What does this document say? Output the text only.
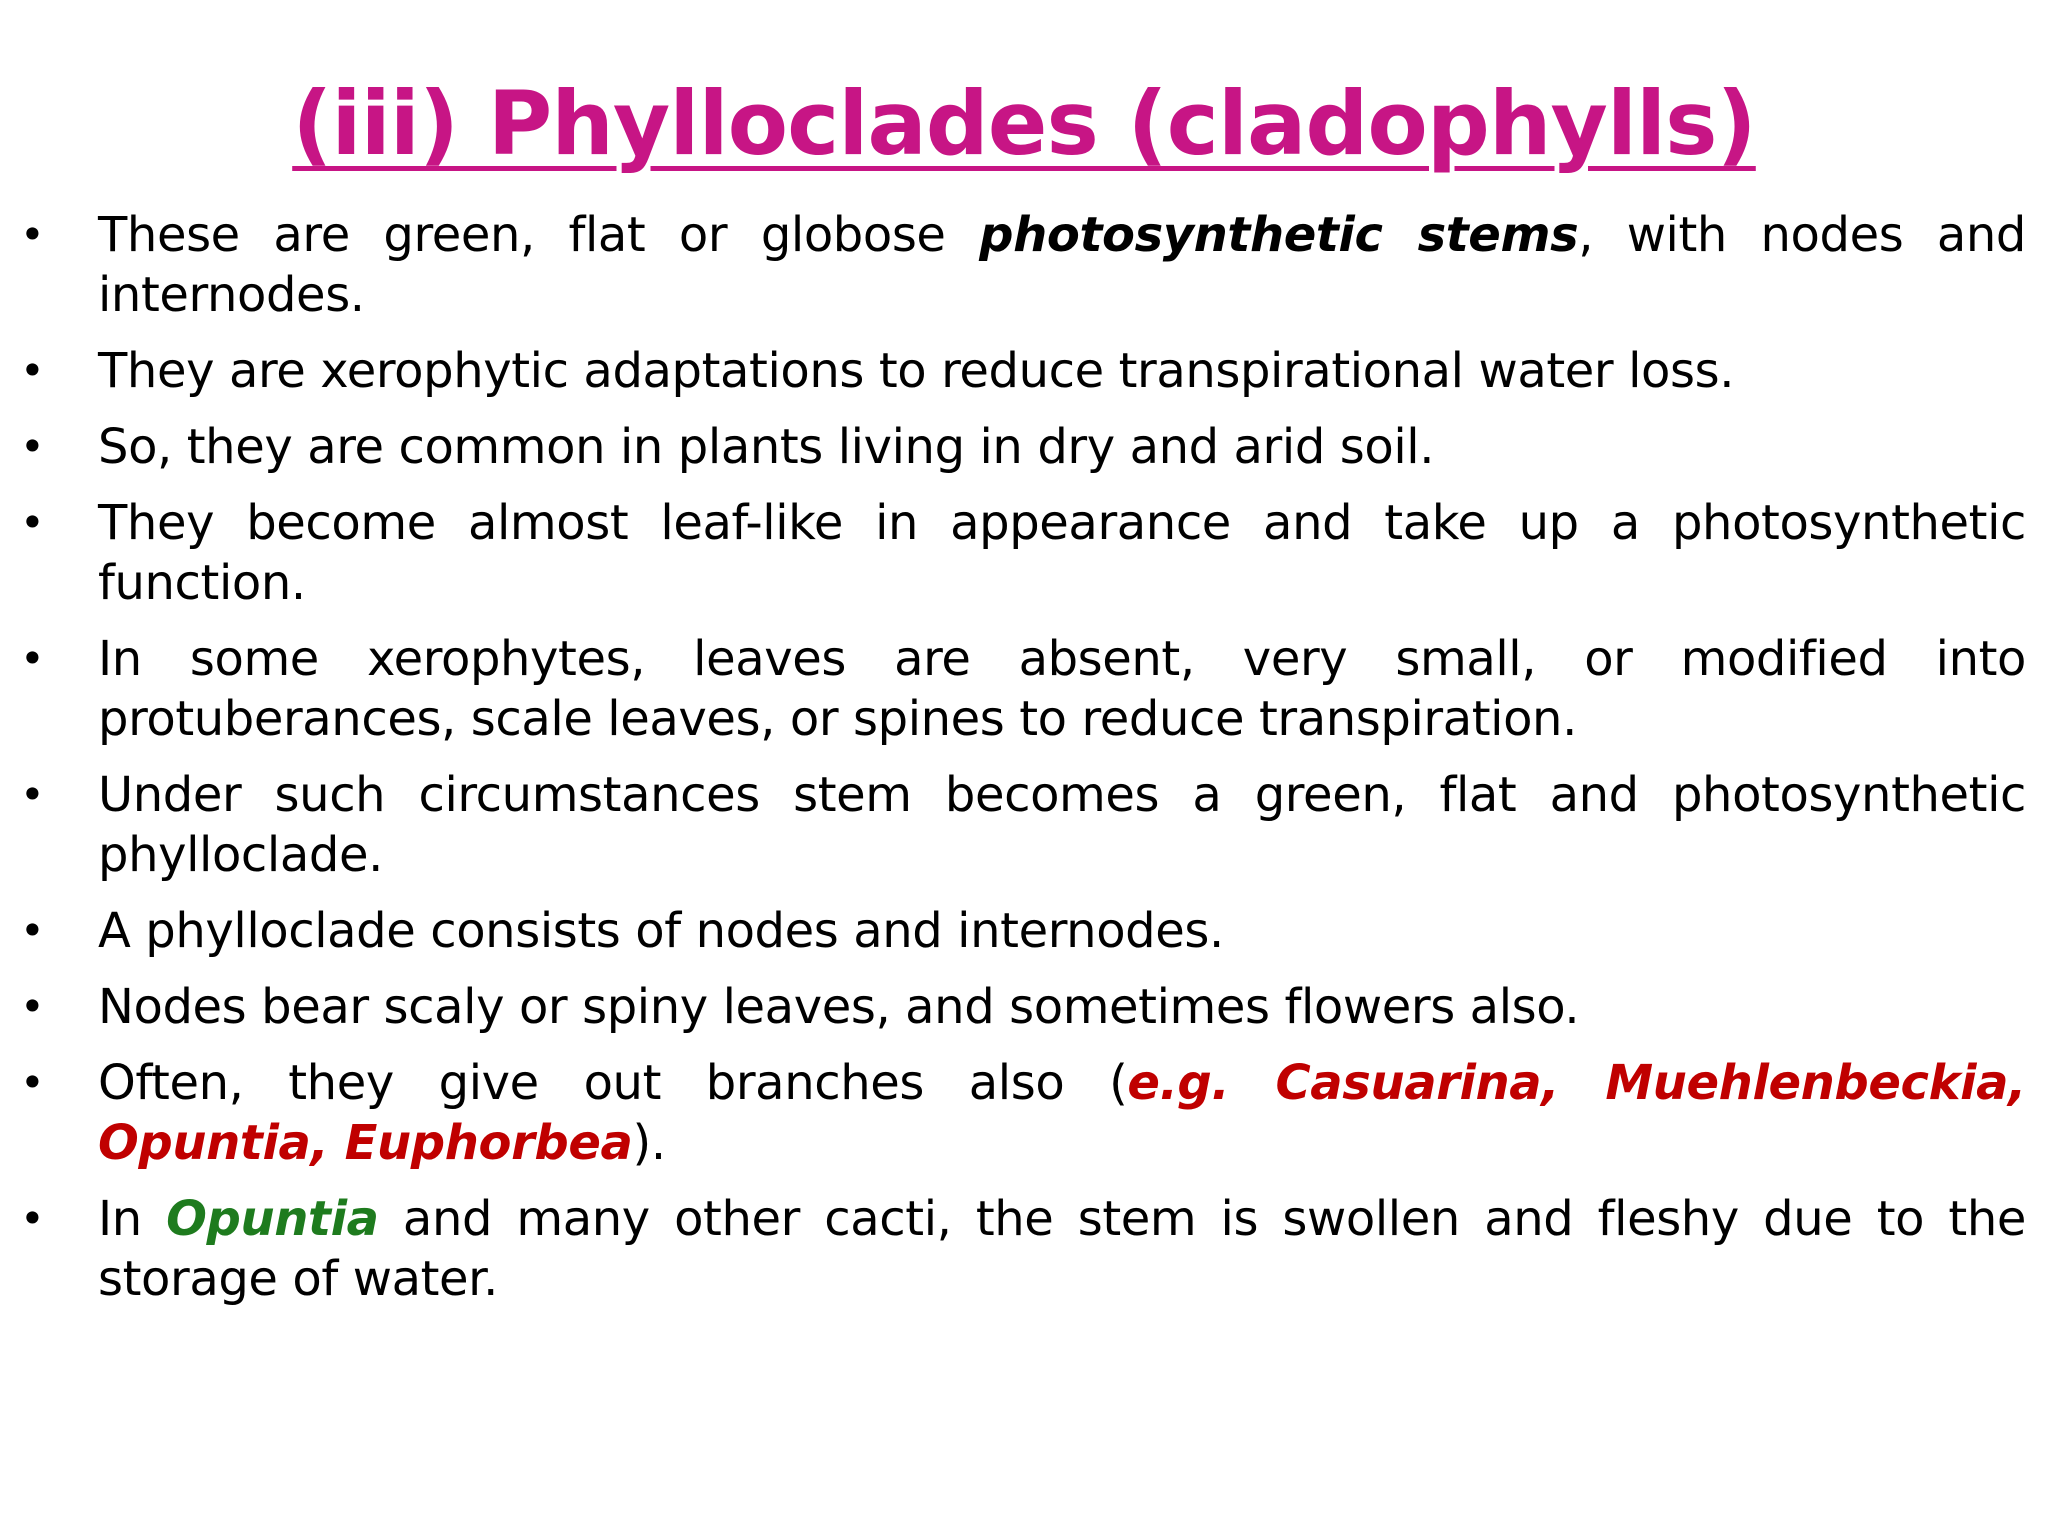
(iii) Phylloclades (cladophylls)
• These are green, flat or globose photosynthetic stems, with nodes and internodes.
• They are xerophytic adaptations to reduce transpirational water loss.
• So, they are common in plants living in dry and arid soil.
• They become almost leaf-like in appearance and take up a photosynthetic function.
• In some xerophytes, leaves are absent, very small, or modified into protuberances, scale leaves, or spines to reduce transpiration.
• Under such circumstances stem becomes a green, flat and photosynthetic phylloclade.
• A phylloclade consists of nodes and internodes.
• Nodes bear scaly or spiny leaves, and sometimes flowers also.
• Often, they give out branches also (e.g. Casuarina, Muehlenbeckia, Opuntia, Euphorbea).
• In Opuntia and many other cacti, the stem is swollen and fleshy due to the storage of water.
